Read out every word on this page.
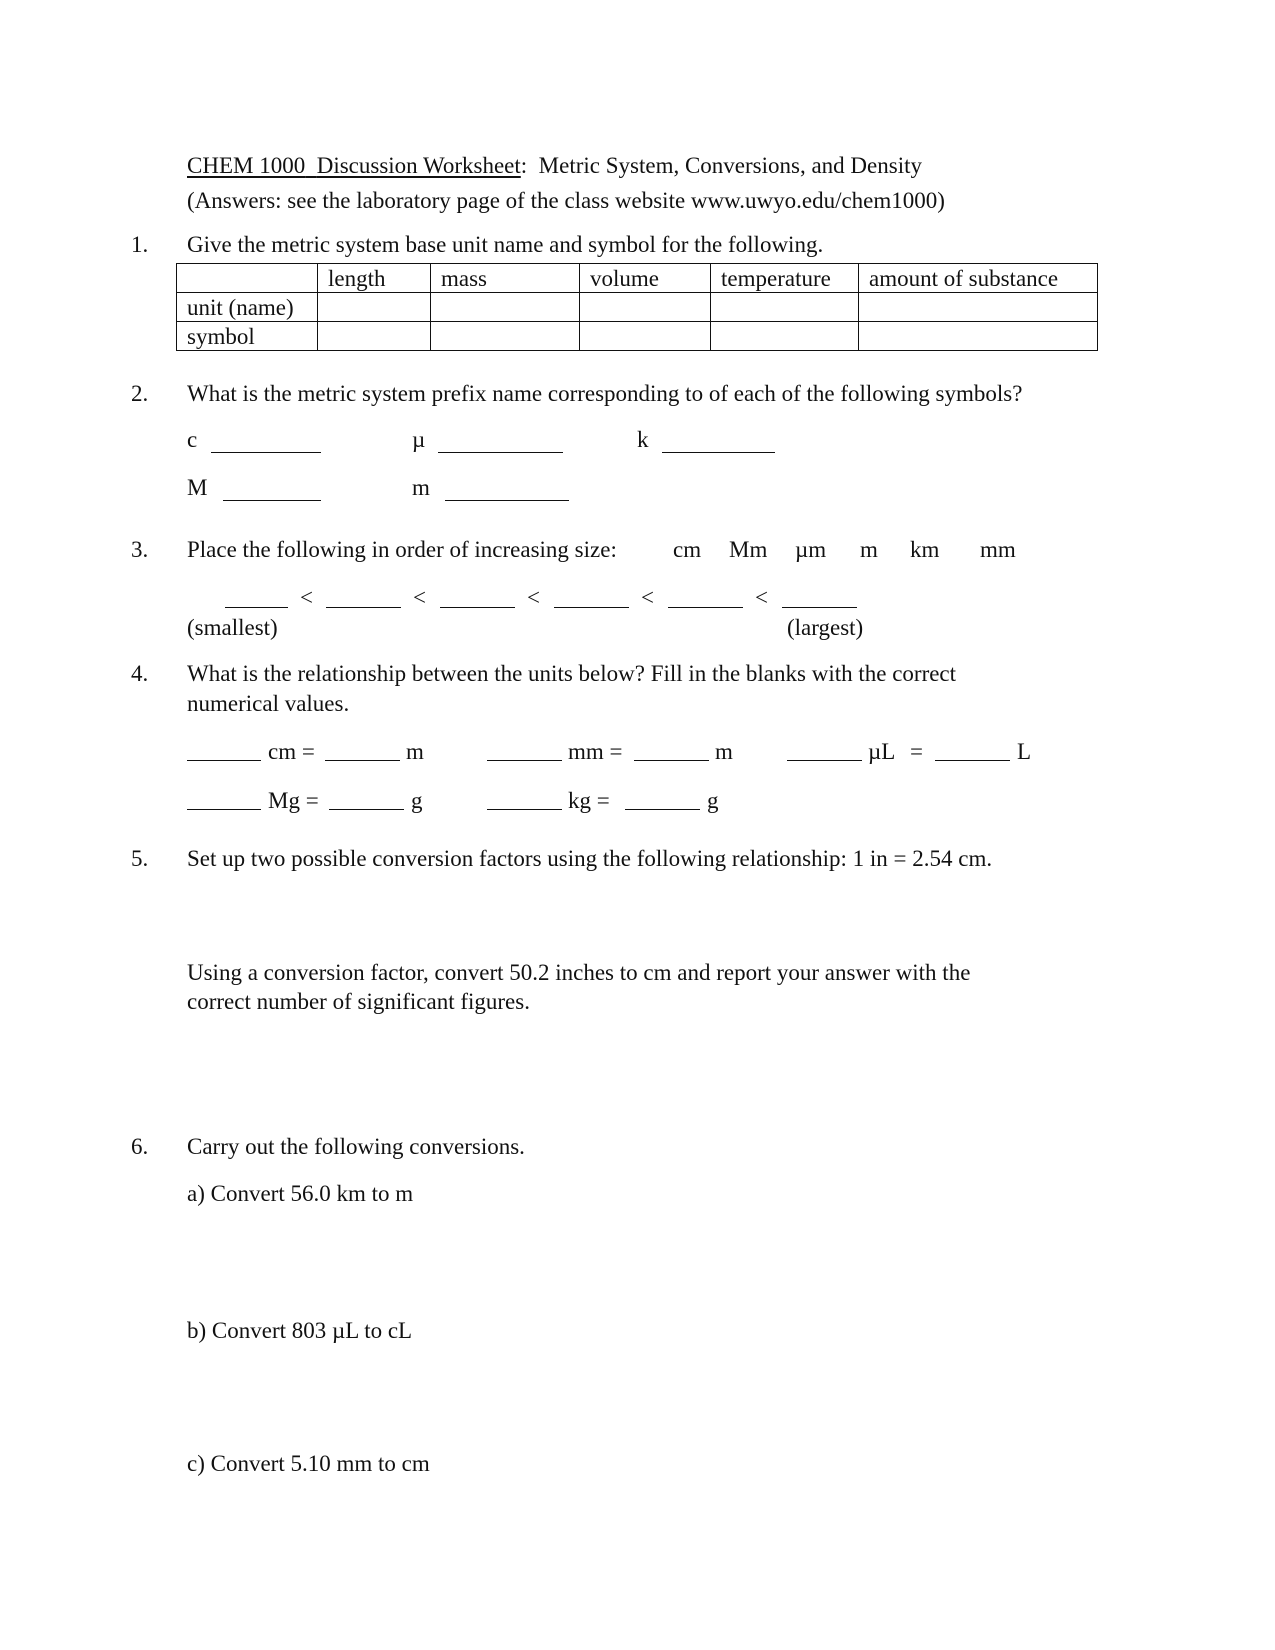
CHEM 1000 Discussion Worksheet: Metric System, Conversions, and Density
(Answers: see the laboratory page of the class website www.uwyo.edu/chem1000)
1. Give the metric system base unit name and symbol for the following.
	length	mass	volume	temperature	amount of substance
unit (name)					
symbol					
2. What is the metric system prefix name corresponding to of each of the following symbols?
c	µ	k
M	m
3. Place the following in order of increasing size: cm Mm µm m km mm
<	<	<	<	<
(smallest)	(largest)
4. What is the relationship between the units below? Fill in the blanks with the correct
numerical values.
cm =	m	mm =	m	µL =	L
Mg =	g	kg =	g
5. Set up two possible conversion factors using the following relationship: 1 in = 2.54 cm.
Using a conversion factor, convert 50.2 inches to cm and report your answer with the
correct number of significant figures.
6. Carry out the following conversions.
a) Convert 56.0 km to m
b) Convert 803 µL to cL
c) Convert 5.10 mm to cm
